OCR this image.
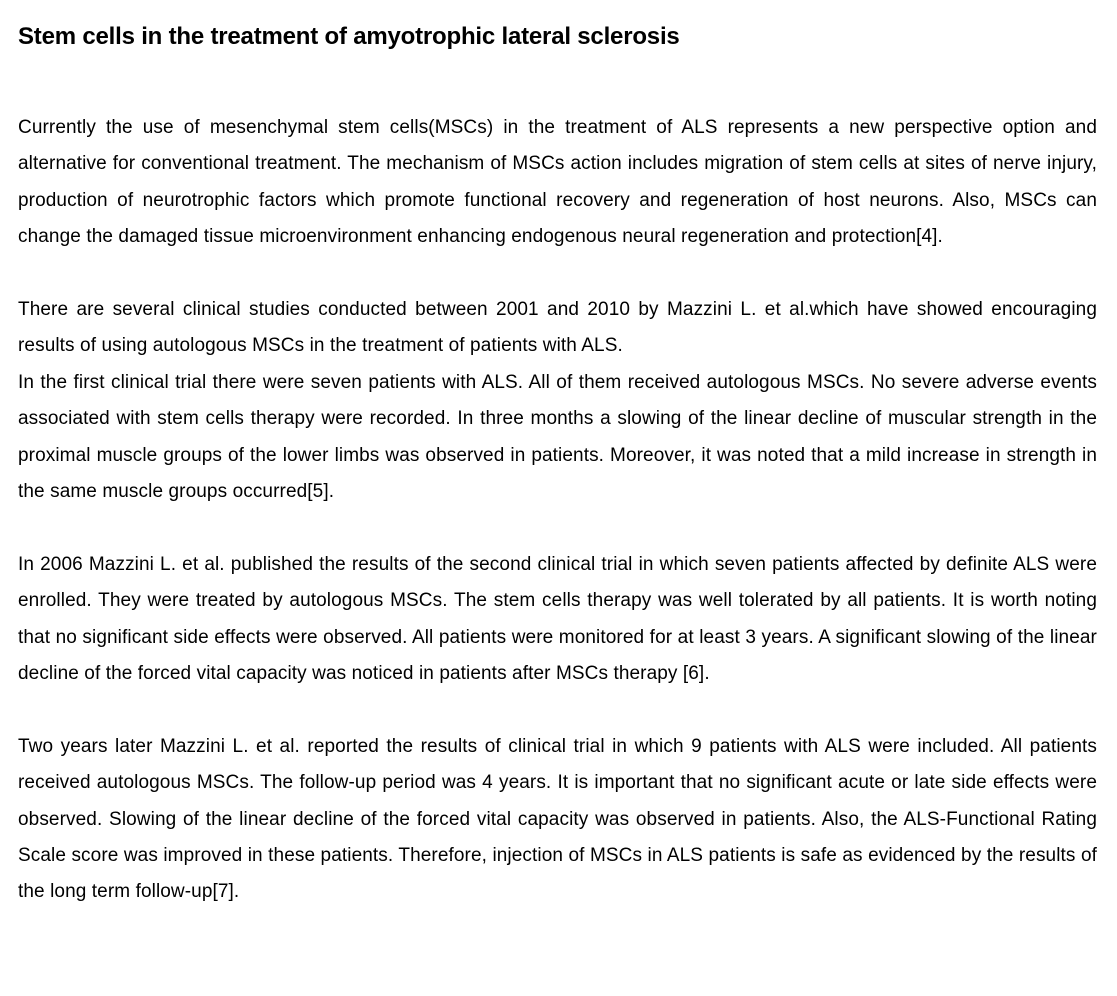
Stem cells in the treatment of amyotrophic lateral sclerosis

Currently the use of mesenchymal stem cells(MSCs) in the treatment of ALS represents a new perspective option and alternative for conventional treatment. The mechanism of MSCs action includes migration of stem cells at sites of nerve injury, production of neurotrophic factors which promote functional recovery and regeneration of host neurons. Also, MSCs can change the damaged tissue microenvironment enhancing endogenous neural regeneration and protection[4].

There are several clinical studies conducted between 2001 and 2010 by Mazzini L. et al.which have showed encouraging results of using autologous MSCs in the treatment of patients with ALS.

In the first clinical trial there were seven patients with ALS. All of them received autologous MSCs. No severe adverse events associated with stem cells therapy were recorded. In three months a slowing of the linear decline of muscular strength in the proximal muscle groups of the lower limbs was observed in patients. Moreover, it was noted that a mild increase in strength in the same muscle groups occurred[5].

In 2006 Mazzini L. et al. published the results of the second clinical trial in which seven patients affected by definite ALS were enrolled. They were treated by autologous MSCs. The stem cells therapy was well tolerated by all patients. It is worth noting that no significant side effects were observed. All patients were monitored for at least 3 years. A significant slowing of the linear decline of the forced vital capacity was noticed in patients after MSCs therapy [6].

Two years later Mazzini L. et al. reported the results of clinical trial in which 9 patients with ALS were included. All patients received autologous MSCs. The follow-up period was 4 years. It is important that no significant acute or late side effects were observed. Slowing of the linear decline of the forced vital capacity was observed in patients. Also, the ALS-Functional Rating Scale score was improved in these patients. Therefore, injection of MSCs in ALS patients is safe as evidenced by the results of the long term follow-up[7].
